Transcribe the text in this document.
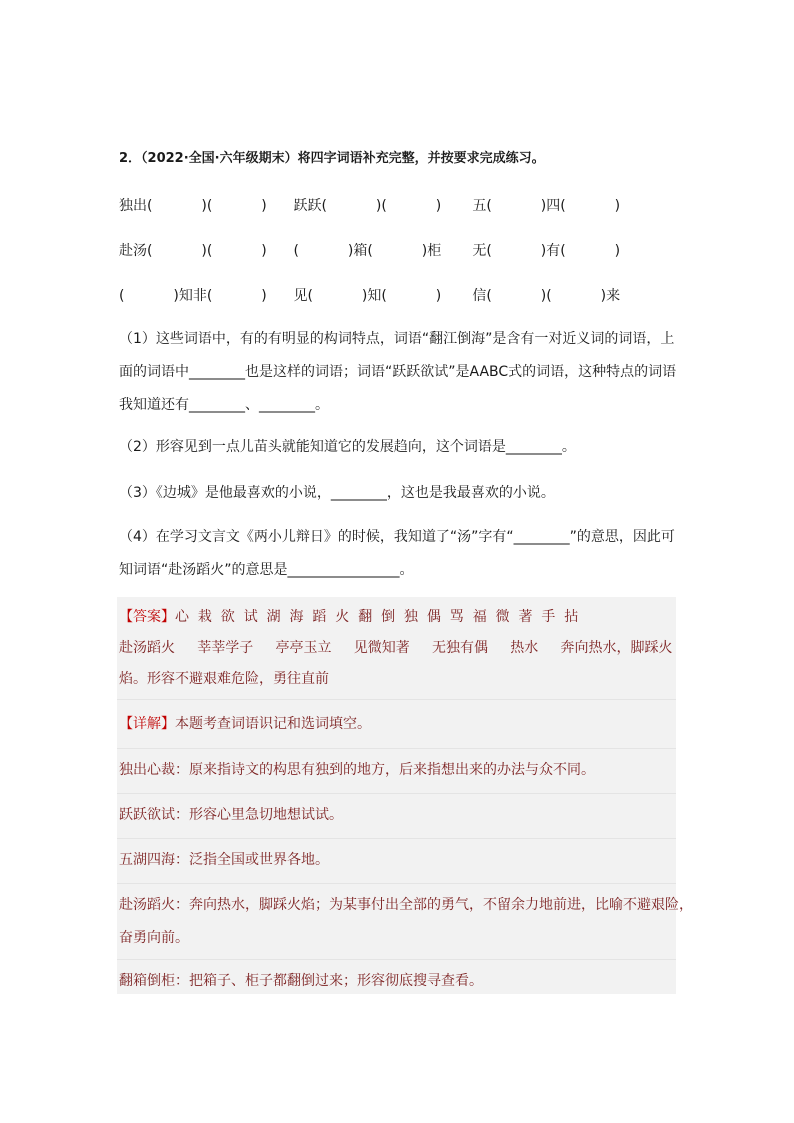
2．（2022·全国·六年级期末）将四字词语补充完整，并按要求完成练习。
独出(           )(           )      跃跃(           )(           )       五(           )四(           )
赴汤(           )(           )      (           )箱(           )柜       无(           )有(           )
(           )知非(           )      见(           )知(           )       信(           )(           )来
（1）这些词语中，有的有明显的构词特点，词语“翻江倒海”是含有一对近义词的词语，上
面的词语中________也是这样的词语；词语“跃跃欲试”是AABC式的词语，这种特点的词语
我知道还有________、________。
（2）形容见到一点儿苗头就能知道它的发展趋向，这个词语是________。
（3）《边城》是他最喜欢的小说，________，这也是我最喜欢的小说。
（4）在学习文言文《两小儿辩日》的时候，我知道了“汤”字有“________”的意思，因此可
知词语“赴汤蹈火”的意思是________________。
【答案】心  栽  欲  试  湖  海  蹈  火  翻  倒  独  偶  骂  福  微  著  手  拈
赴汤蹈火     莘莘学子     亭亭玉立     见微知著     无独有偶     热水     奔向热水，脚踩火
焰。形容不避艰难危险，勇往直前
【详解】本题考查词语识记和选词填空。
独出心裁：原来指诗文的构思有独到的地方，后来指想出来的办法与众不同。
跃跃欲试：形容心里急切地想试试。
五湖四海：泛指全国或世界各地。
赴汤蹈火：奔向热水，脚踩火焰；为某事付出全部的勇气，不留余力地前进，比喻不避艰险，
奋勇向前。
翻箱倒柜：把箱子、柜子都翻倒过来；形容彻底搜寻查看。
